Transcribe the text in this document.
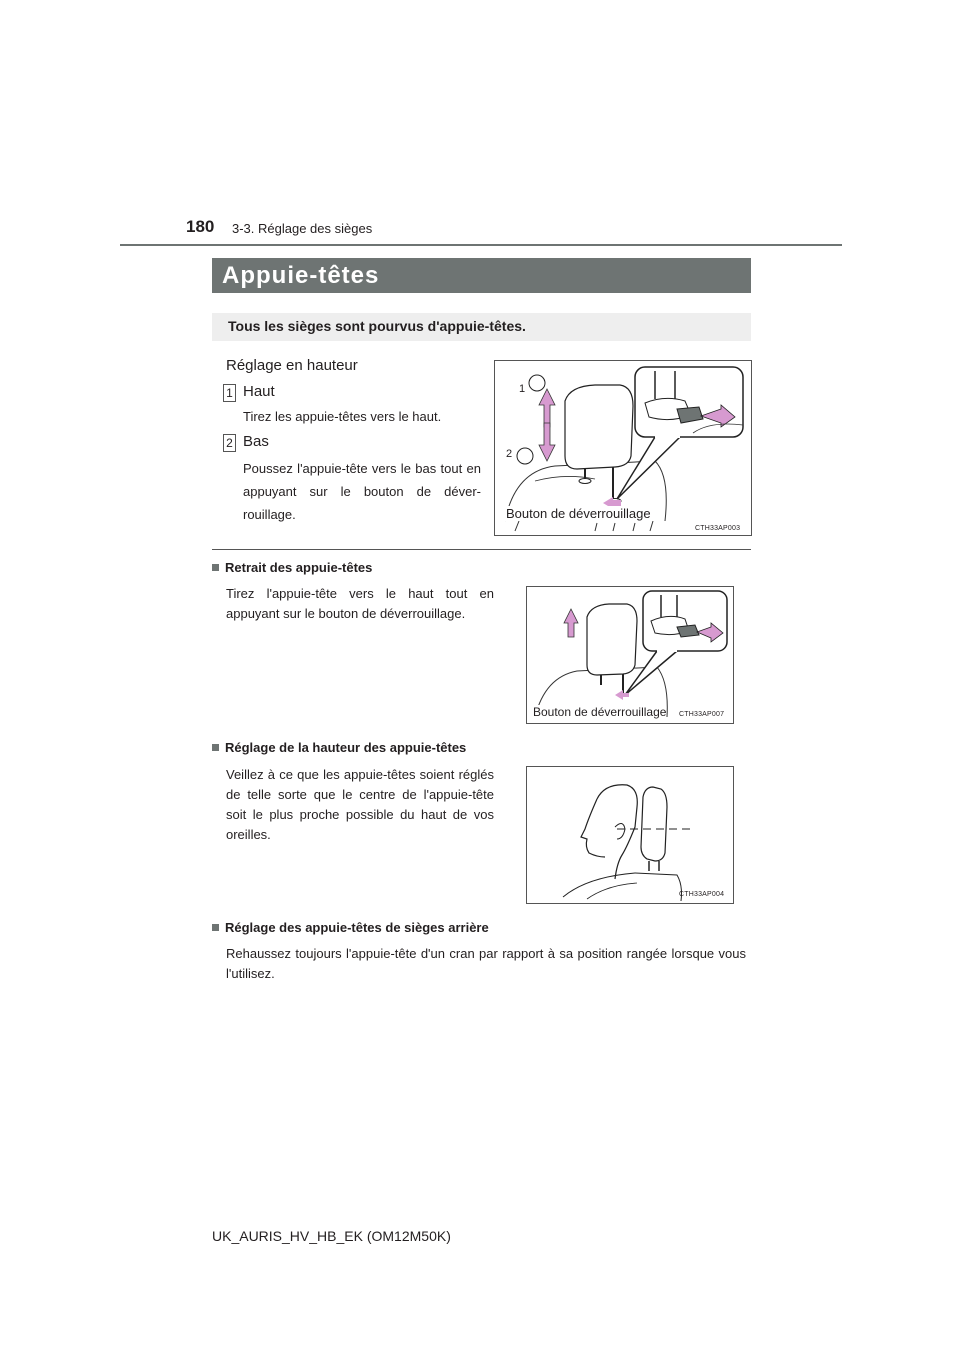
180 3-3. Réglage des sièges
Appuie-têtes
Tous les sièges sont pourvus d'appuie-têtes.
Réglage en hauteur
1 Haut
Tirez les appuie-têtes vers le haut.
2 Bas
Poussez l'appuie-tête vers le bas tout en appuyant sur le bouton de déver-rouillage.
1
2
Bouton de déverrouillage
CTH33AP003
Retrait des appuie-têtes
Tirez l'appuie-tête vers le haut tout en appuyant sur le bouton de déverrouillage.
Bouton de déverrouillage CTH33AP007
Réglage de la hauteur des appuie-têtes
Veillez à ce que les appuie-têtes soient réglés de telle sorte que le centre de l'appuie-tête soit le plus proche possible du haut de vos oreilles.
CTH33AP004
Réglage des appuie-têtes de sièges arrière
Rehaussez toujours l'appuie-tête d'un cran par rapport à sa position rangée lorsque vous l'utilisez.
UK_AURIS_HV_HB_EK (OM12M50K)
